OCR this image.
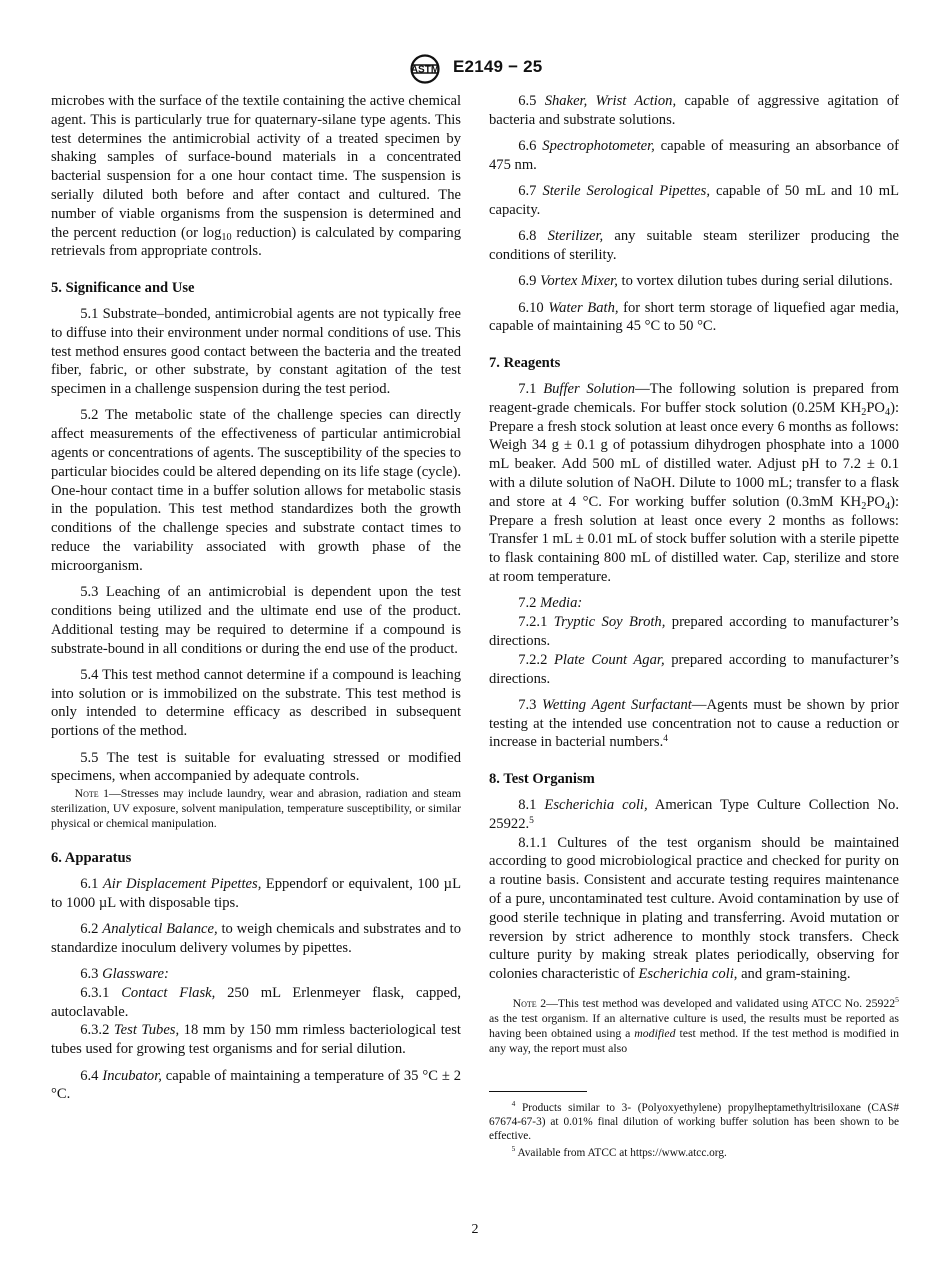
ASTM E2149 − 25

microbes with the surface of the textile containing the active chemical agent. This is particularly true for quaternary-silane type agents. This test determines the antimicrobial activity of a treated specimen by shaking samples of surface-bound materials in a concentrated bacterial suspension for a one hour contact time. The suspension is serially diluted both before and after contact and cultured. The number of viable organisms from the suspension is determined and the percent reduction (or $\log_{10}$ reduction) is calculated by comparing retrievals from appropriate controls.

5. Significance and Use

5.1 Substrate–bonded, antimicrobial agents are not typically free to diffuse into their environment under normal conditions of use. This test method ensures good contact between the bacteria and the treated fiber, fabric, or other substrate, by constant agitation of the test specimen in a challenge suspension during the test period.

5.2 The metabolic state of the challenge species can directly affect measurements of the effectiveness of particular antimicrobial agents or concentrations of agents. The susceptibility of the species to particular biocides could be altered depending on its life stage (cycle). One-hour contact time in a buffer solution allows for metabolic stasis in the population. This test method standardizes both the growth conditions of the challenge species and substrate contact times to reduce the variability associated with growth phase of the microorganism.

5.3 Leaching of an antimicrobial is dependent upon the test conditions being utilized and the ultimate end use of the product. Additional testing may be required to determine if a compound is substrate-bound in all conditions or during the end use of the product.

5.4 This test method cannot determine if a compound is leaching into solution or is immobilized on the substrate. This test method is only intended to determine efficacy as described in subsequent portions of the method.

5.5 The test is suitable for evaluating stressed or modified specimens, when accompanied by adequate controls.

Note 1—Stresses may include laundry, wear and abrasion, radiation and steam sterilization, UV exposure, solvent manipulation, temperature susceptibility, or similar physical or chemical manipulation.

6. Apparatus

6.1 Air Displacement Pipettes, Eppendorf or equivalent, 100 µL to 1000 µL with disposable tips.

6.2 Analytical Balance, to weigh chemicals and substrates and to standardize inoculum delivery volumes by pipettes.

6.3 Glassware:

6.3.1 Contact Flask, 250 mL Erlenmeyer flask, capped, autoclavable.

6.3.2 Test Tubes, 18 mm by 150 mm rimless bacteriological test tubes used for growing test organisms and for serial dilution.

6.4 Incubator, capable of maintaining a temperature of 35 °C ± 2 °C.

6.5 Shaker, Wrist Action, capable of aggressive agitation of bacteria and substrate solutions.

6.6 Spectrophotometer, capable of measuring an absorbance of 475 nm.

6.7 Sterile Serological Pipettes, capable of 50 mL and 10 mL capacity.

6.8 Sterilizer, any suitable steam sterilizer producing the conditions of sterility.

6.9 Vortex Mixer, to vortex dilution tubes during serial dilutions.

6.10 Water Bath, for short term storage of liquefied agar media, capable of maintaining 45 °C to 50 °C.

7. Reagents

7.1 Buffer Solution—The following solution is prepared from reagent-grade chemicals. For buffer stock solution (0.25M $KH_2PO_4$): Prepare a fresh stock solution at least once every 6 months as follows: Weigh 34 g ± 0.1 g of potassium dihydrogen phosphate into a 1000 mL beaker. Add 500 mL of distilled water. Adjust pH to 7.2 ± 0.1 with a dilute solution of NaOH. Dilute to 1000 mL; transfer to a flask and store at 4 °C. For working buffer solution (0.3mM $KH_2PO_4$): Prepare a fresh solution at least once every 2 months as follows: Transfer 1 mL ± 0.01 mL of stock buffer solution with a sterile pipette to flask containing 800 mL of distilled water. Cap, sterilize and store at room temperature.

7.2 Media:

7.2.1 Tryptic Soy Broth, prepared according to manufacturer’s directions.

7.2.2 Plate Count Agar, prepared according to manufacturer’s directions.

7.3 Wetting Agent Surfactant—Agents must be shown by prior testing at the intended use concentration not to cause a reduction or increase in bacterial numbers.$^4$

8. Test Organism

8.1 Escherichia coli, American Type Culture Collection No. 25922.$^5$

8.1.1 Cultures of the test organism should be maintained according to good microbiological practice and checked for purity on a routine basis. Consistent and accurate testing requires maintenance of a pure, uncontaminated test culture. Avoid contamination by use of good sterile technique in plating and transferring. Avoid mutation or reversion by strict adherence to monthly stock transfers. Check culture purity by making streak plates periodically, observing for colonies characteristic of Escherichia coli, and gram-staining.

Note 2—This test method was developed and validated using ATCC No. 25922$^5$ as the test organism. If an alternative culture is used, the results must be reported as having been obtained using a modified test method. If the test method is modified in any way, the report must also

$^4$ Products similar to 3- (Polyoxyethylene) propylheptamethyltrisiloxane (CAS# 67674-67-3) at 0.01% final dilution of working buffer solution has been shown to be effective.

$^5$ Available from ATCC at https://www.atcc.org.

2
